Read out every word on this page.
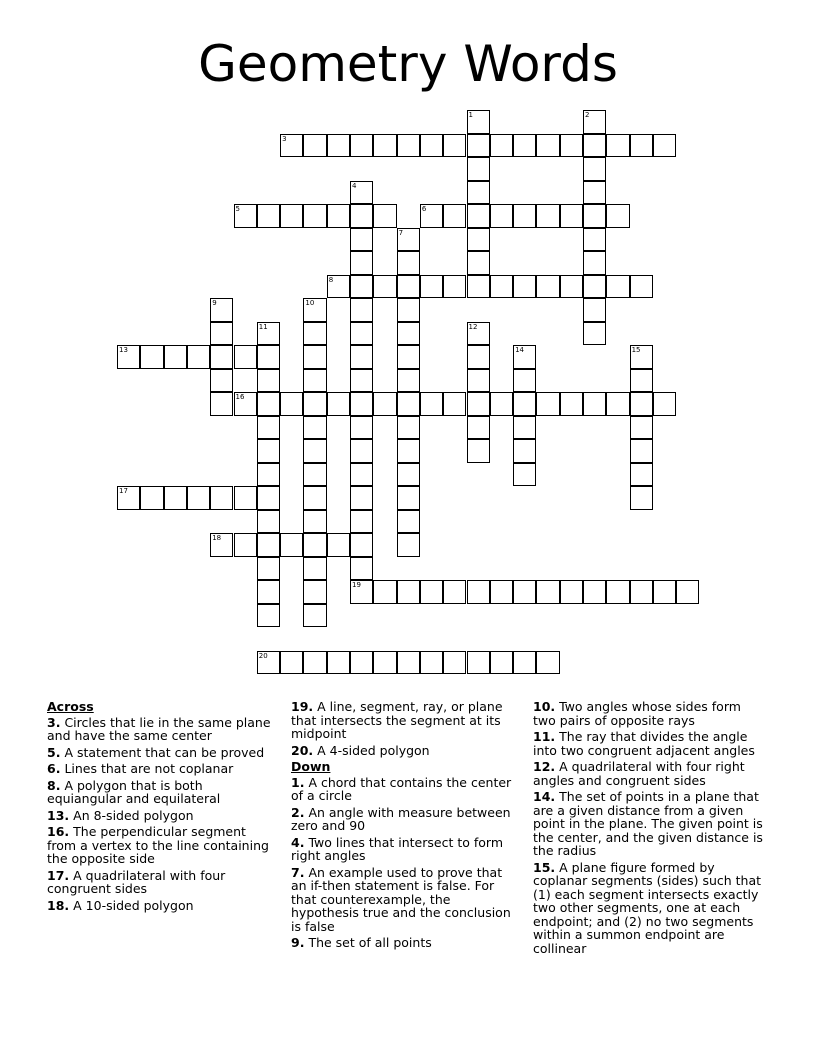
Geometry Words
1	2
3
4
19
5	6
7
8
9	10
11	12
13	14	15
16
17
18
20
Across

3. Circles that lie in the same plane and have the same center

5. A statement that can be proved

6. Lines that are not coplanar

8. A polygon that is both equiangular and equilateral

13. An 8-sided polygon

16. The perpendicular segment from a vertex to the line containing the opposite side

17. A quadrilateral with four congruent sides

18. A 10-sided polygon

19. A line, segment, ray, or plane that intersects the segment at its midpoint

20. A 4-sided polygon

Down

1. A chord that contains the center of a circle

2. An angle with measure between zero and 90

4. Two lines that intersect to form right angles

7. An example used to prove that an if-then statement is false. For that counterexample, the hypothesis true and the conclusion is false

9. The set of all points

10. Two angles whose sides form two pairs of opposite rays

11. The ray that divides the angle into two congruent adjacent angles

12. A quadrilateral with four right angles and congruent sides

14. The set of points in a plane that are a given distance from a given point in the plane. The given point is the center, and the given distance is the radius

15. A plane figure formed by coplanar segments (sides) such that (1) each segment intersects exactly two other segments, one at each endpoint; and (2) no two segments within a summon endpoint are collinear
